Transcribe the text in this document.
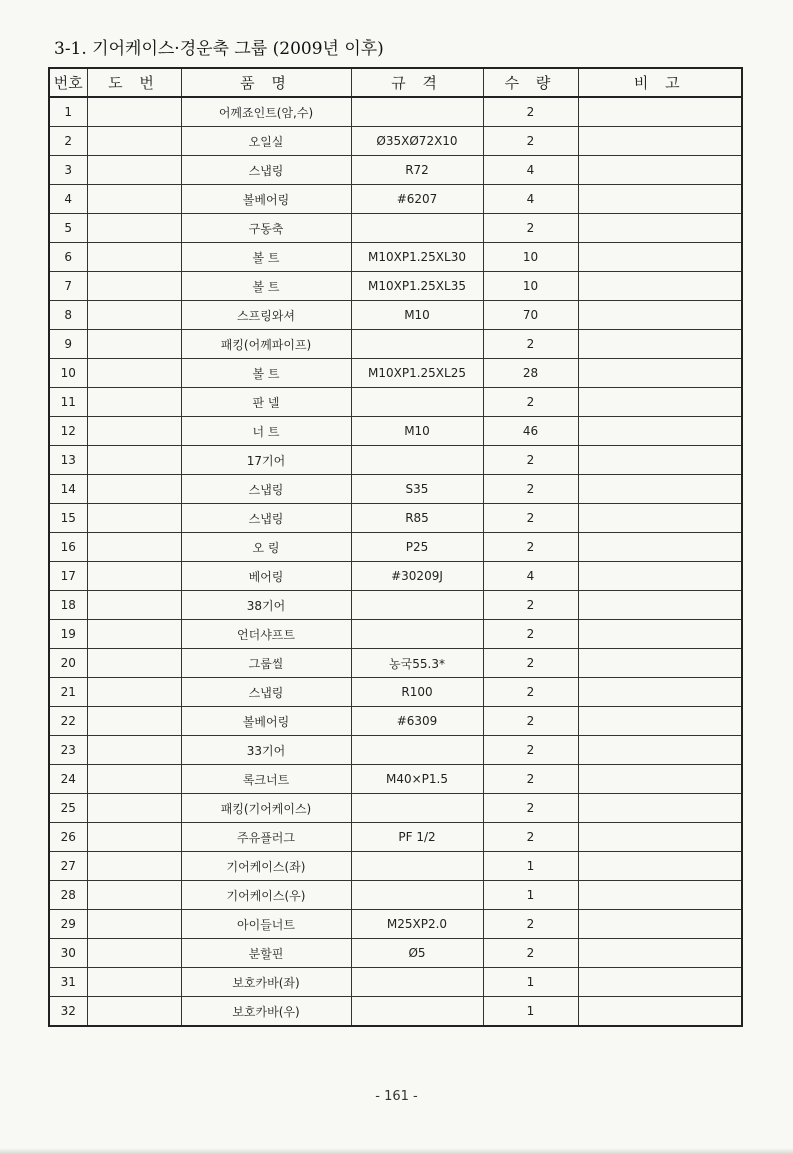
3-1. 기어케이스·경운축 그룹 (2009년 이후)
번호	도 번	품 명	규 격	수 량	비 고
1		어께죠인트(암,수)		2	
2		오일실	Ø35XØ72X10	2	
3		스냅링	R72	4	
4		볼베어링	#6207	4	
5		구동축		2	
6		볼 트	M10XP1.25XL30	10	
7		볼 트	M10XP1.25XL35	10	
8		스프링와셔	M10	70	
9		패킹(어께파이프)		2	
10		볼 트	M10XP1.25XL25	28	
11		판 넬		2	
12		너 트	M10	46	
13		17기어		2	
14		스냅링	S35	2	
15		스냅링	R85	2	
16		오 링	P25	2	
17		베어링	#30209J	4	
18		38기어		2	
19		언더샤프트		2	
20		그룹씰	농국55.3*	2	
21		스냅링	R100	2	
22		볼베어링	#6309	2	
23		33기어		2	
24		록크너트	M40×P1.5	2	
25		패킹(기어케이스)		2	
26		주유플러그	PF 1/2	2	
27		기어케이스(좌)		1	
28		기어케이스(우)		1	
29		아이들너트	M25XP2.0	2	
30		분할핀	Ø5	2	
31		보호카바(좌)		1	
32		보호카바(우)		1	
- 161 -
